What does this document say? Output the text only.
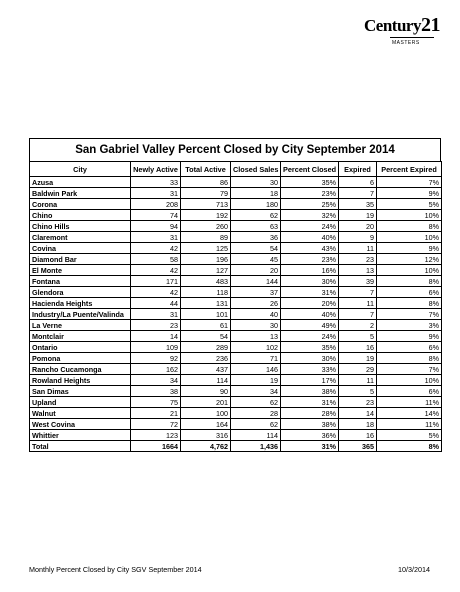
Century21
MASTERS
San Gabriel Valley Percent Closed by City September 2014
City	Newly Active	Total Active	Closed Sales	Percent Closed	Expired	Percent Expired
Azusa	33	86	30	35%	6	7%
Baldwin Park	31	79	18	23%	7	9%
Corona	208	713	180	25%	35	5%
Chino	74	192	62	32%	19	10%
Chino Hills	94	260	63	24%	20	8%
Claremont	31	89	36	40%	9	10%
Covina	42	125	54	43%	11	9%
Diamond Bar	58	196	45	23%	23	12%
El Monte	42	127	20	16%	13	10%
Fontana	171	483	144	30%	39	8%
Glendora	42	118	37	31%	7	6%
Hacienda Heights	44	131	26	20%	11	8%
Industry/La Puente/Valinda	31	101	40	40%	7	7%
La Verne	23	61	30	49%	2	3%
Montclair	14	54	13	24%	5	9%
Ontario	109	289	102	35%	16	6%
Pomona	92	236	71	30%	19	8%
Rancho Cucamonga	162	437	146	33%	29	7%
Rowland Heights	34	114	19	17%	11	10%
San Dimas	38	90	34	38%	5	6%
Upland	75	201	62	31%	23	11%
Walnut	21	100	28	28%	14	14%
West Covina	72	164	62	38%	18	11%
Whittier	123	316	114	36%	16	5%
Total	1664	4,762	1,436	31%	365	8%
Monthly Percent Closed by City SGV September 2014	10/3/2014
